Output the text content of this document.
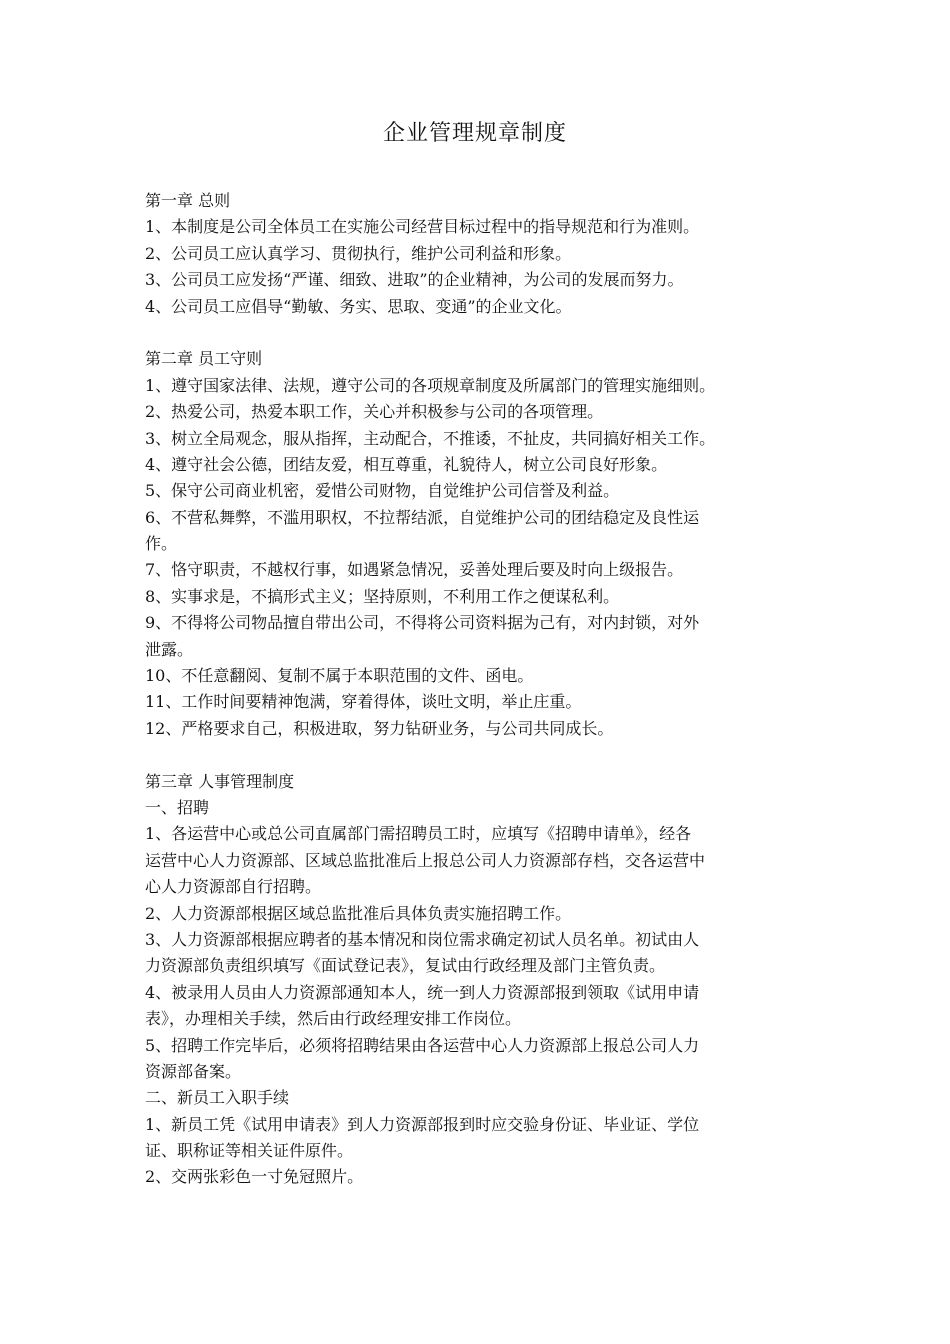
企业管理规章制度

第一章 总则

1、本制度是公司全体员工在实施公司经营目标过程中的指导规范和行为准则。

2、公司员工应认真学习、贯彻执行，维护公司利益和形象。

3、公司员工应发扬“严谨、细致、进取”的企业精神，为公司的发展而努力。

4、公司员工应倡导“勤敏、务实、思取、变通”的企业文化。

第二章 员工守则

1、遵守国家法律、法规，遵守公司的各项规章制度及所属部门的管理实施细则。

2、热爱公司，热爱本职工作，关心并积极参与公司的各项管理。

3、树立全局观念，服从指挥，主动配合，不推诿，不扯皮，共同搞好相关工作。

4、遵守社会公德，团结友爱，相互尊重，礼貌待人，树立公司良好形象。

5、保守公司商业机密，爱惜公司财物，自觉维护公司信誉及利益。

6、不营私舞弊，不滥用职权，不拉帮结派，自觉维护公司的团结稳定及良性运

作。

7、恪守职责，不越权行事，如遇紧急情况，妥善处理后要及时向上级报告。

8、实事求是，不搞形式主义；坚持原则，不利用工作之便谋私利。

9、不得将公司物品擅自带出公司，不得将公司资料据为己有，对内封锁，对外

泄露。

10、不任意翻阅、复制不属于本职范围的文件、函电。

11、工作时间要精神饱满，穿着得体，谈吐文明，举止庄重。

12、严格要求自己，积极进取，努力钻研业务，与公司共同成长。

第三章 人事管理制度

一、招聘

1、各运营中心或总公司直属部门需招聘员工时，应填写《招聘申请单》，经各

运营中心人力资源部、区域总监批准后上报总公司人力资源部存档，交各运营中

心人力资源部自行招聘。

2、人力资源部根据区域总监批准后具体负责实施招聘工作。

3、人力资源部根据应聘者的基本情况和岗位需求确定初试人员名单。初试由人

力资源部负责组织填写《面试登记表》，复试由行政经理及部门主管负责。

4、被录用人员由人力资源部通知本人，统一到人力资源部报到领取《试用申请

表》，办理相关手续，然后由行政经理安排工作岗位。

5、招聘工作完毕后，必须将招聘结果由各运营中心人力资源部上报总公司人力

资源部备案。

二、新员工入职手续

1、新员工凭《试用申请表》到人力资源部报到时应交验身份证、毕业证、学位

证、职称证等相关证件原件。

2、交两张彩色一寸免冠照片。
